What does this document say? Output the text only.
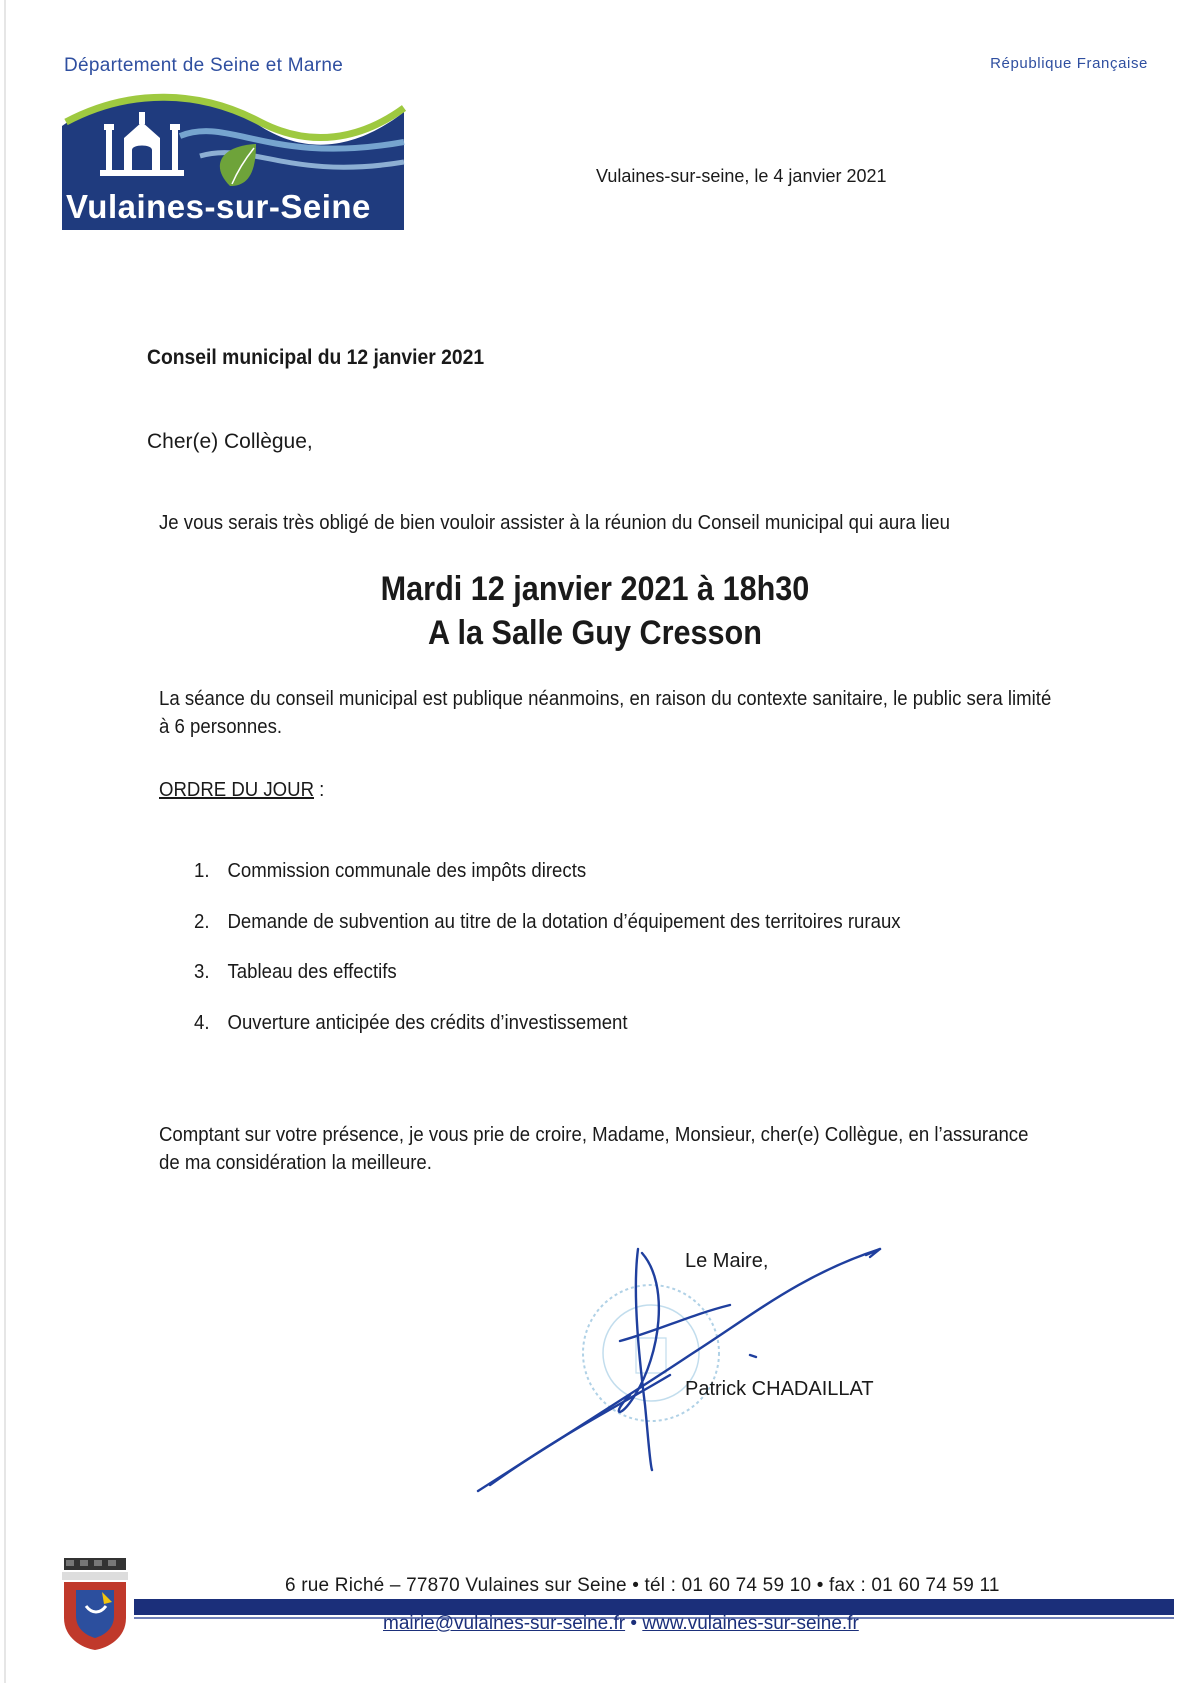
Département de Seine et Marne	République Française
Vulaines-sur-Seine
Vulaines-sur-seine, le 4 janvier 2021
Conseil municipal du 12 janvier 2021
Cher(e) Collègue,
Je vous serais très obligé de bien vouloir assister à la réunion du Conseil municipal qui aura lieu
Mardi 12 janvier 2021 à 18h30
A la Salle Guy Cresson
La séance du conseil municipal est publique néanmoins, en raison du contexte sanitaire, le public sera limité à 6 personnes.
ORDRE DU JOUR :
1. Commission communale des impôts directs
2. Demande de subvention au titre de la dotation d’équipement des territoires ruraux
3. Tableau des effectifs
4. Ouverture anticipée des crédits d’investissement
Comptant sur votre présence, je vous prie de croire, Madame, Monsieur, cher(e) Collègue, en l’assurance de ma considération la meilleure.
Le Maire,
Patrick CHADAILLAT
6 rue Riché – 77870 Vulaines sur Seine • tél : 01 60 74 59 10 • fax : 01 60 74 59 11
mairie@vulaines-sur-seine.fr • www.vulaines-sur-seine.fr
